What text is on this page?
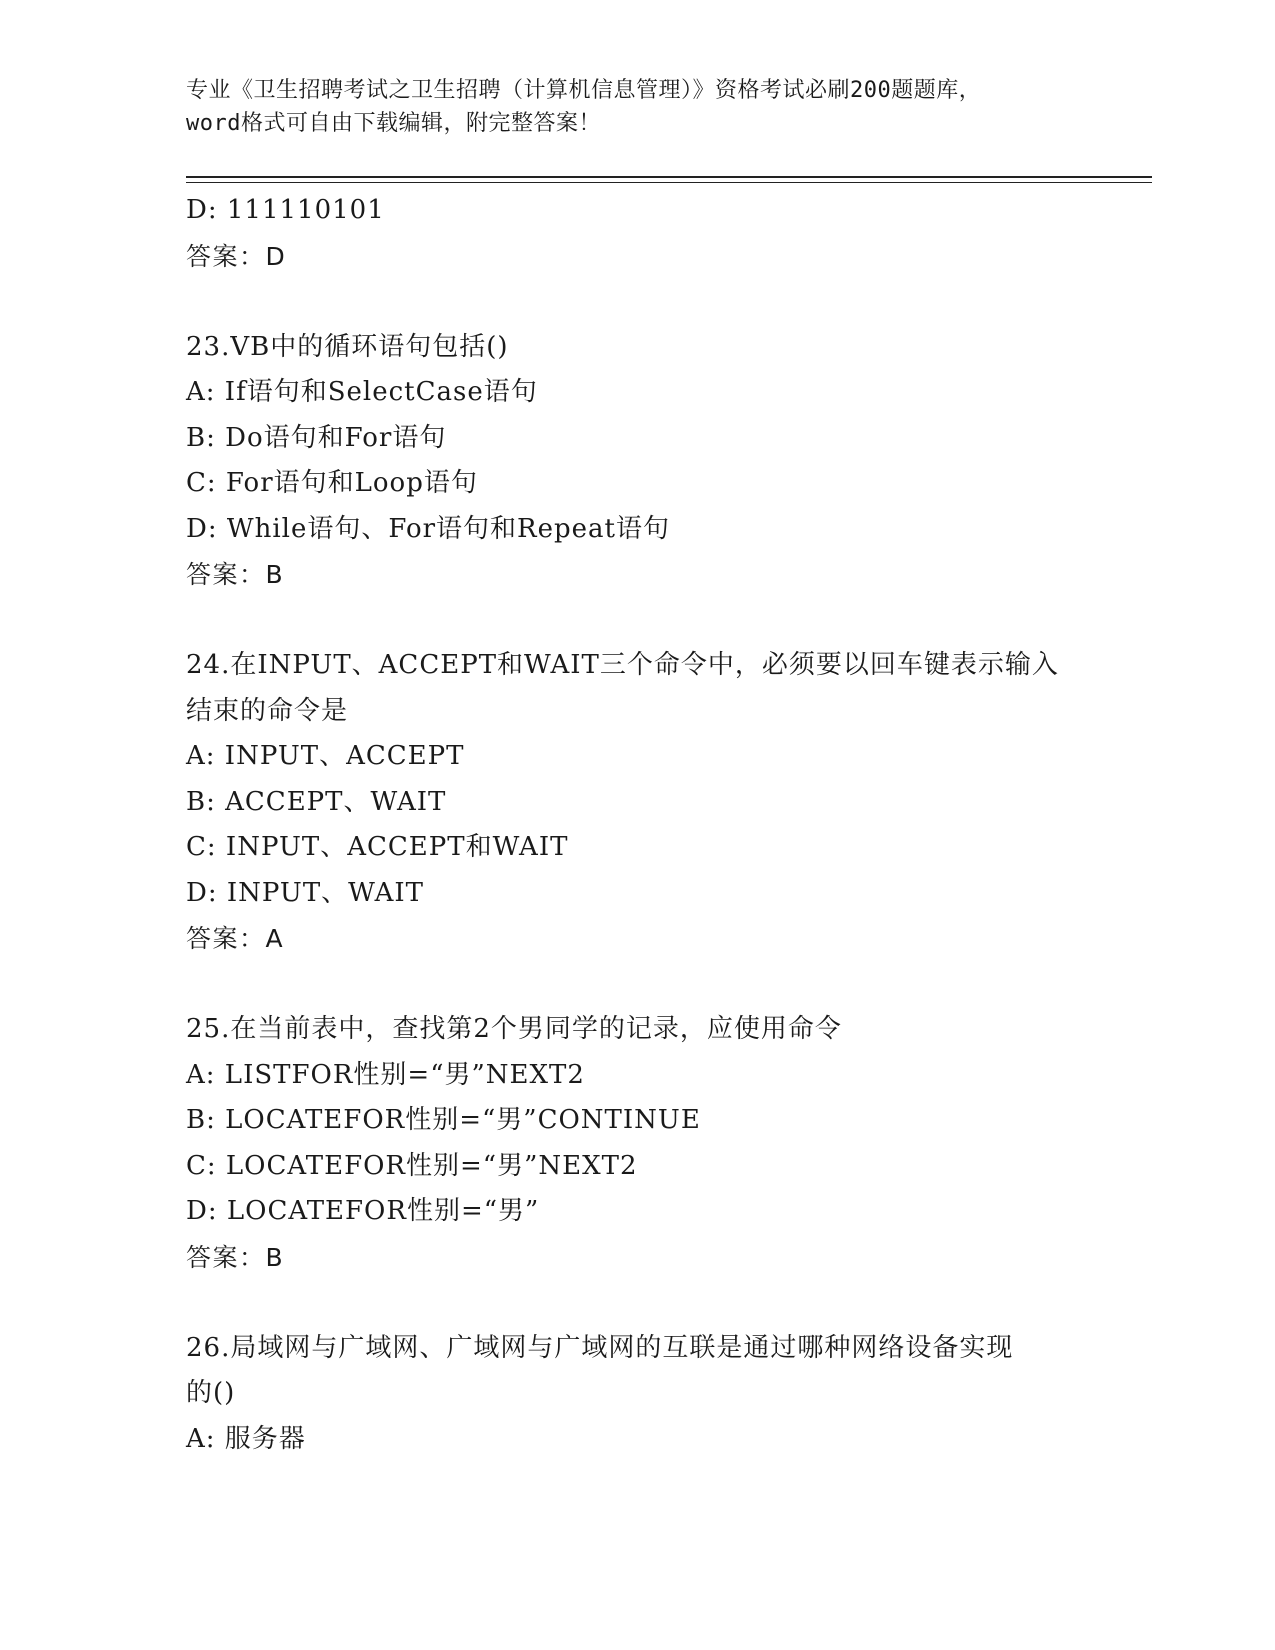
专业《卫生招聘考试之卫生招聘（计算机信息管理）》资格考试必刷200题题库，
word格式可自由下载编辑，附完整答案！
D: 111110101
答案：D
23.VB中的循环语句包括()
A: If语句和SelectCase语句
B: Do语句和For语句
C: For语句和Loop语句
D: While语句、For语句和Repeat语句
答案：B
24.在INPUT、ACCEPT和WAIT三个命令中，必须要以回车键表示输入
结束的命令是
A: INPUT、ACCEPT
B: ACCEPT、WAIT
C: INPUT、ACCEPT和WAIT
D: INPUT、WAIT
答案：A
25.在当前表中，查找第2个男同学的记录，应使用命令
A: LISTFOR性别=“男”NEXT2
B: LOCATEFOR性别=“男”CONTINUE
C: LOCATEFOR性别=“男”NEXT2
D: LOCATEFOR性别=“男”
答案：B
26.局域网与广域网、广域网与广域网的互联是通过哪种网络设备实现
的()
A: 服务器
